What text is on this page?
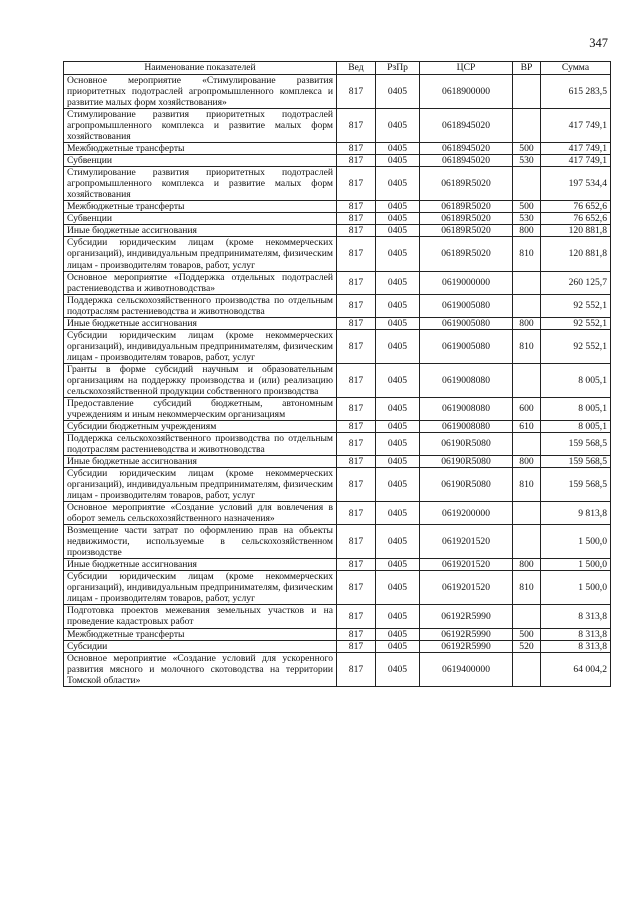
347
Наименование показателей	Вед	РзПр	ЦСР	ВР	Сумма
Основное мероприятие «Стимулирование развития приоритетных подотраслей агропромышленного комплекса и развитие малых форм хозяйствования»	817	0405	0618900000		615 283,5
Стимулирование развития приоритетных подотраслей агропромышленного комплекса и развитие малых форм хозяйствования	817	0405	0618945020		417 749,1
Межбюджетные трансферты	817	0405	0618945020	500	417 749,1
Субвенции	817	0405	0618945020	530	417 749,1
Стимулирование развития приоритетных подотраслей агропромышленного комплекса и развитие малых форм хозяйствования	817	0405	06189R5020		197 534,4
Межбюджетные трансферты	817	0405	06189R5020	500	76 652,6
Субвенции	817	0405	06189R5020	530	76 652,6
Иные бюджетные ассигнования	817	0405	06189R5020	800	120 881,8
Субсидии юридическим лицам (кроме некоммерческих организаций), индивидуальным предпринимателям, физическим лицам - производителям товаров, работ, услуг	817	0405	06189R5020	810	120 881,8
Основное мероприятие «Поддержка отдельных подотраслей растениеводства и животноводства»	817	0405	0619000000		260 125,7
Поддержка сельскохозяйственного производства по отдельным подотраслям растениеводства и животноводства	817	0405	0619005080		92 552,1
Иные бюджетные ассигнования	817	0405	0619005080	800	92 552,1
Субсидии юридическим лицам (кроме некоммерческих организаций), индивидуальным предпринимателям, физическим лицам - производителям товаров, работ, услуг	817	0405	0619005080	810	92 552,1
Гранты в форме субсидий научным и образовательным организациям на поддержку производства и (или) реализацию сельскохозяйственной продукции собственного производства	817	0405	0619008080		8 005,1
Предоставление субсидий бюджетным, автономным учреждениям и иным некоммерческим организациям	817	0405	0619008080	600	8 005,1
Субсидии бюджетным учреждениям	817	0405	0619008080	610	8 005,1
Поддержка сельскохозяйственного производства по отдельным подотраслям растениеводства и животноводства	817	0405	06190R5080		159 568,5
Иные бюджетные ассигнования	817	0405	06190R5080	800	159 568,5
Субсидии юридическим лицам (кроме некоммерческих организаций), индивидуальным предпринимателям, физическим лицам - производителям товаров, работ, услуг	817	0405	06190R5080	810	159 568,5
Основное мероприятие «Создание условий для вовлечения в оборот земель сельскохозяйственного назначения»	817	0405	0619200000		9 813,8
Возмещение части затрат по оформлению прав на объекты недвижимости, используемые в сельскохозяйственном производстве	817	0405	0619201520		1 500,0
Иные бюджетные ассигнования	817	0405	0619201520	800	1 500,0
Субсидии юридическим лицам (кроме некоммерческих организаций), индивидуальным предпринимателям, физическим лицам - производителям товаров, работ, услуг	817	0405	0619201520	810	1 500,0
Подготовка проектов межевания земельных участков и на проведение кадастровых работ	817	0405	06192R5990		8 313,8
Межбюджетные трансферты	817	0405	06192R5990	500	8 313,8
Субсидии	817	0405	06192R5990	520	8 313,8
Основное мероприятие «Создание условий для ускоренного развития мясного и молочного скотоводства на территории Томской области»	817	0405	0619400000		64 004,2
